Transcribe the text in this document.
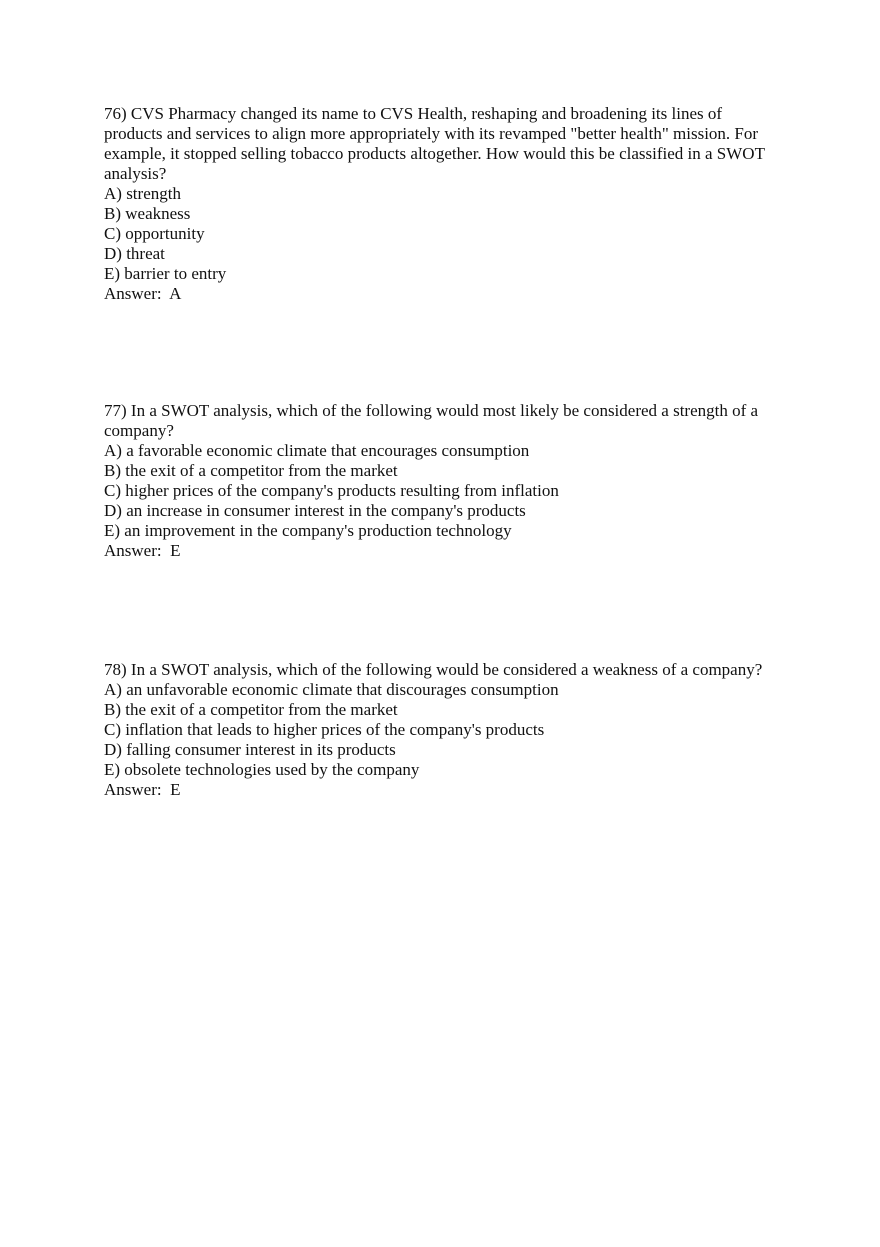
76) CVS Pharmacy changed its name to CVS Health, reshaping and broadening its lines of
products and services to align more appropriately with its revamped "better health" mission. For
example, it stopped selling tobacco products altogether. How would this be classified in a SWOT
analysis?
A) strength
B) weakness
C) opportunity
D) threat
E) barrier to entry
Answer:  A
77) In a SWOT analysis, which of the following would most likely be considered a strength of a
company?
A) a favorable economic climate that encourages consumption
B) the exit of a competitor from the market
C) higher prices of the company's products resulting from inflation
D) an increase in consumer interest in the company's products
E) an improvement in the company's production technology
Answer:  E
78) In a SWOT analysis, which of the following would be considered a weakness of a company?
A) an unfavorable economic climate that discourages consumption
B) the exit of a competitor from the market
C) inflation that leads to higher prices of the company's products
D) falling consumer interest in its products
E) obsolete technologies used by the company
Answer:  E
